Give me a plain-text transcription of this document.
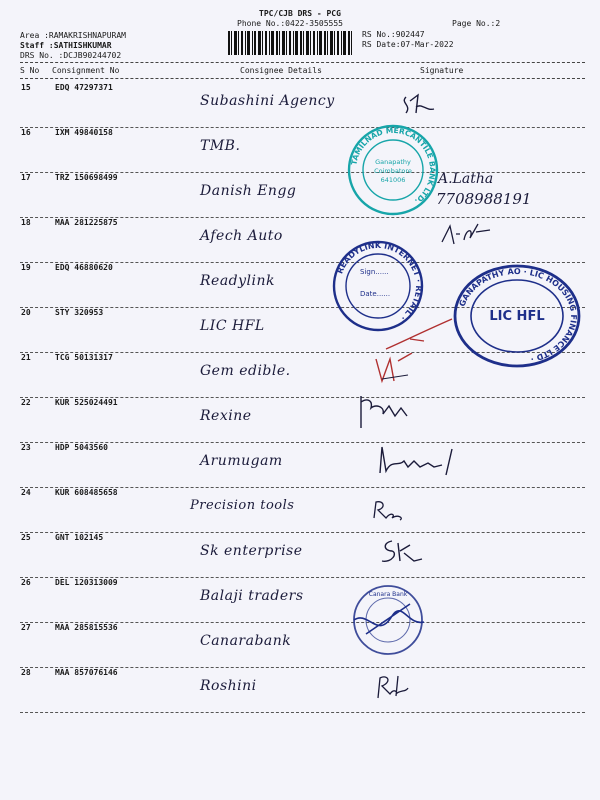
TPC/CJB DRS - PCG
Phone No.:0422-3505555	Page No.:2
Area :RAMAKRISHNAPURAM
Staff :SATHISHKUMAR
DRS No. :DCJB90244702
RS No.:902447
RS Date:07-Mar-2022
S No Consignment No	Consignee Details	Signature
15	EDQ 47297371
Subashini Agency
16	IXM 49840158
TMB.
17	TRZ 150698499
Danish Engg
A.Latha
7708988191
18	MAA 281225875
Afech Auto
19	EDQ 46880620
Readylink
20	STY 320953
LIC HFL
21	TCG 50131317
Gem edible.
22	KUR 525024491
Rexine
23	HDP 5043560
Arumugam
24	KUR 608485658
Precision tools
25	GNT 102145
Sk enterprise
26	DEL 120313009
Balaji traders
27	MAA 285815536
Canarabank
28	MAA 857076146
Roshini
TAMILNAD MERCANTILE BANK LTD.
Ganapathy
Coimbatore
641006
READYLINK INTERNET · RETAIL ·
Sign......
Date......
GANAPATHY AO · LIC HOUSING FINANCE LTD ·
LIC HFL
Canara Bank
